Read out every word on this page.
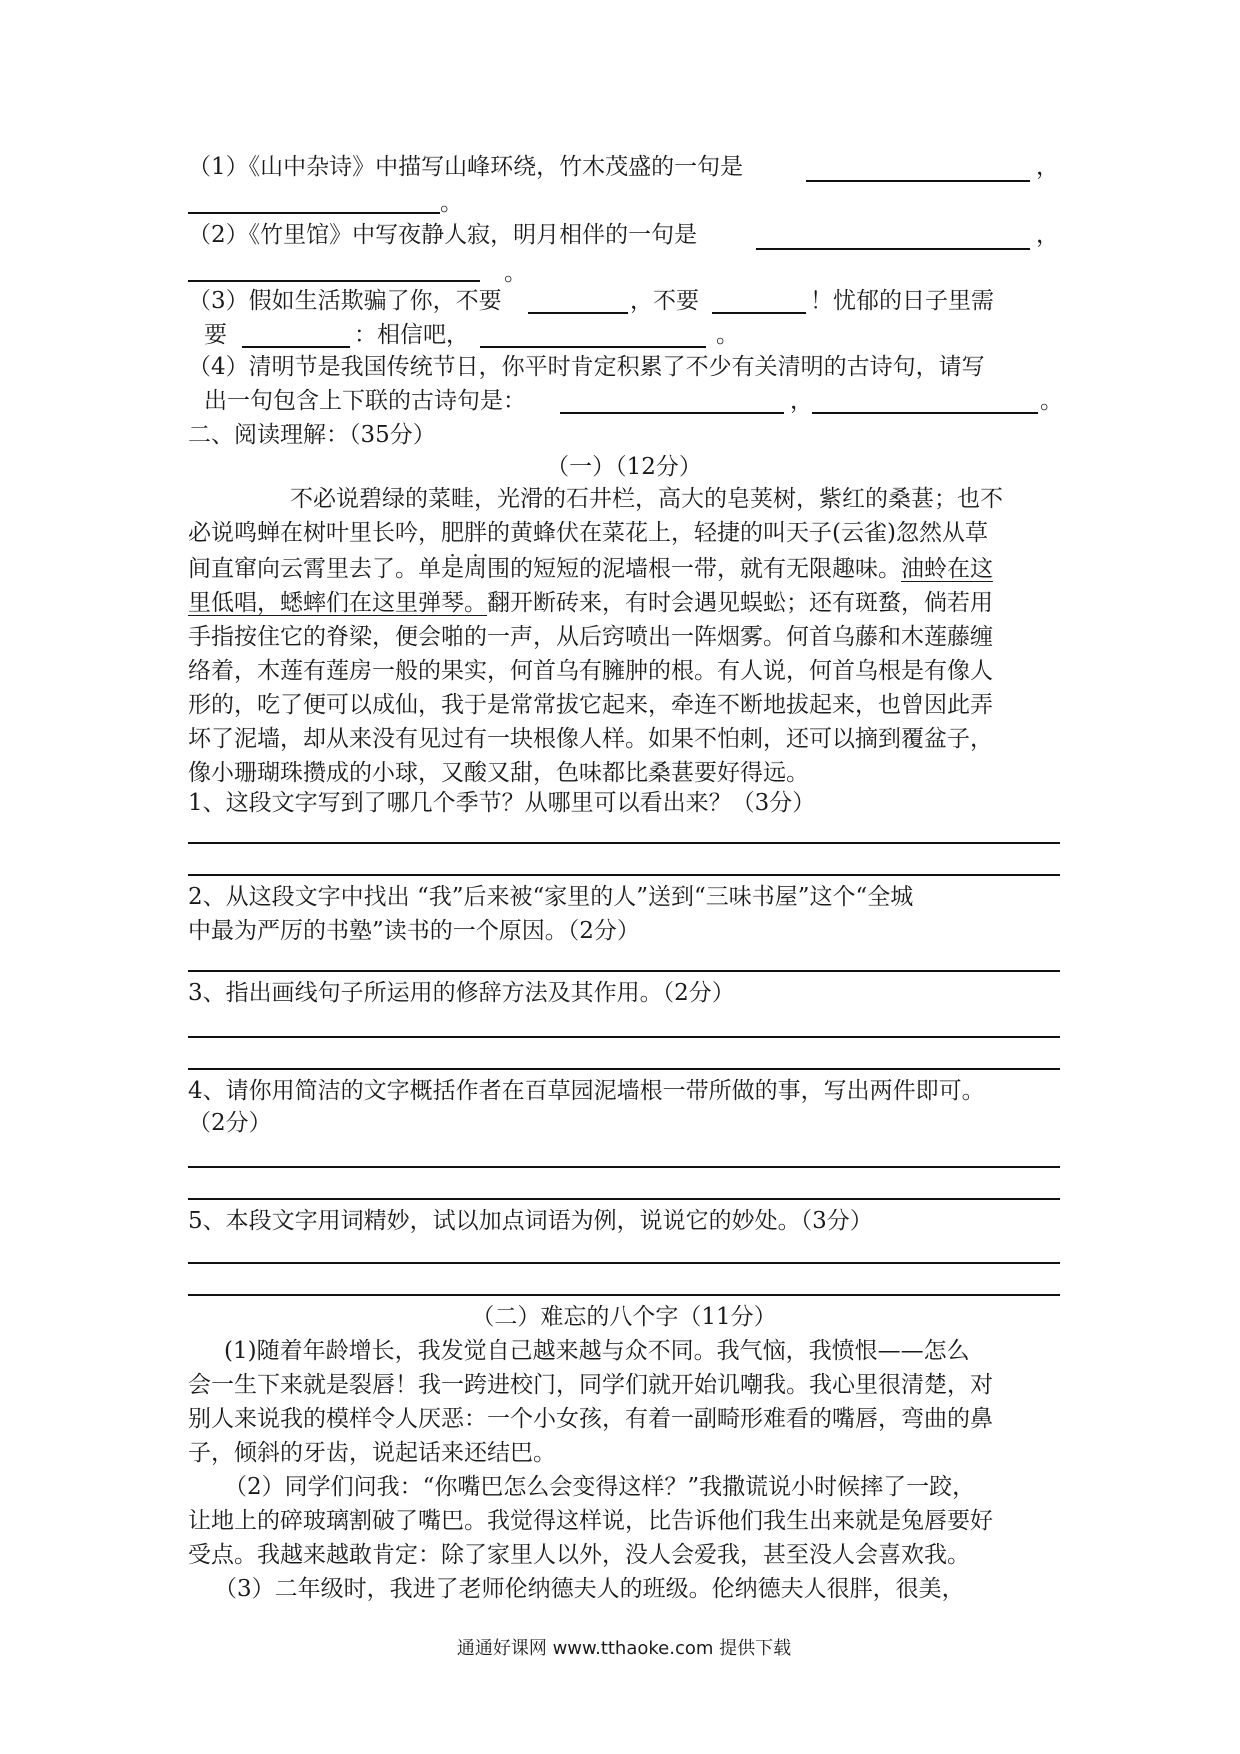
（1）《山中杂诗》中描写山峰环绕，竹木茂盛的一句是	，
。
（2）《竹里馆》中写夜静人寂，明月相伴的一句是	，
。
（3）假如生活欺骗了你，不要	，不要	！忧郁的日子里需
要	：相信吧，	。
（4）清明节是我国传统节日，你平时肯定积累了不少有关清明的古诗句，请写
出一句包含上下联的古诗句是：	，	。
二、阅读理解：（35分）
（一）（12分）
不必说碧绿的菜畦，光滑的石井栏，高大的皂荚树，紫红的桑葚；也不
必说鸣蝉在树叶里长吟，肥胖的黄蜂伏在菜花上，轻捷的叫天子(云雀)忽然从草
间直窜向云霄里去了。单是周围的短短的泥墙根一带，就有无限趣味。油蛉在这
里低唱，蟋蟀们在这里弹琴。翻开断砖来，有时会遇见蜈蚣；还有斑蝥，倘若用
手指按住它的脊梁，便会啪的一声，从后窍喷出一阵烟雾。何首乌藤和木莲藤缠
络着，木莲有莲房一般的果实，何首乌有臃肿的根。有人说，何首乌根是有像人
形的，吃了便可以成仙，我于是常常拔它起来，牵连不断地拔起来，也曾因此弄
坏了泥墙，却从来没有见过有一块根像人样。如果不怕刺，还可以摘到覆盆子，
像小珊瑚珠攒成的小球，又酸又甜，色味都比桑葚要好得远。
1、这段文字写到了哪几个季节？从哪里可以看出来？（3分）
2、从这段文字中找出 “我”后来被“家里的人”送到“三味书屋”这个“全城
中最为严厉的书塾”读书的一个原因。（2分）
3、指出画线句子所运用的修辞方法及其作用。（2分）
4、请你用简洁的文字概括作者在百草园泥墙根一带所做的事，写出两件即可。
（2分）
5、本段文字用词精妙，试以加点词语为例，说说它的妙处。（3分）
（二）难忘的八个字（11分）
(1)随着年龄增长，我发觉自己越来越与众不同。我气恼，我愤恨——怎么
会一生下来就是裂唇！我一跨进校门，同学们就开始讥嘲我。我心里很清楚，对
别人来说我的模样令人厌恶：一个小女孩，有着一副畸形难看的嘴唇，弯曲的鼻
子，倾斜的牙齿，说起话来还结巴。
（2）同学们问我：“你嘴巴怎么会变得这样？”我撒谎说小时候摔了一跤，
让地上的碎玻璃割破了嘴巴。我觉得这样说，比告诉他们我生出来就是兔唇要好
受点。我越来越敢肯定：除了家里人以外，没人会爱我，甚至没人会喜欢我。
（3）二年级时，我进了老师伦纳德夫人的班级。伦纳德夫人很胖，很美，
通通好课网 www.tthaoke.com 提供下载
